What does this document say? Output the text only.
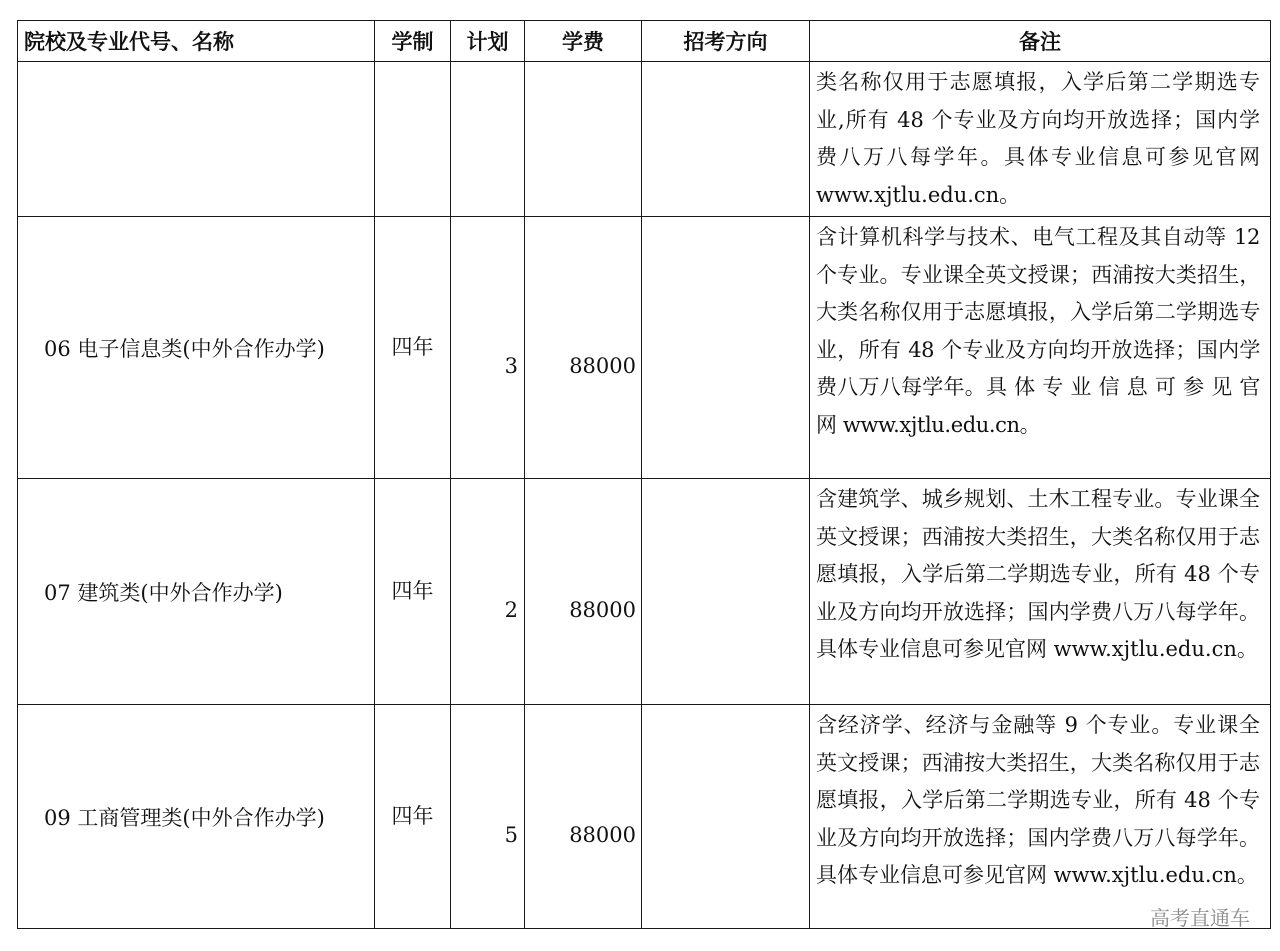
院校及专业代号、名称	学制	计划	学费	招考方向	备注
					类名称仅用于志愿填报，入学后第二学期选专业,所有 48 个专业及方向均开放选择；国内学费八万八每学年。具体专业信息可参见官网 www.xjtlu.edu.cn。
06 电子信息类(中外合作办学)	四年	3	88000		含计算机科学与技术、电气工程及其自动等 12 个专业。专业课全英文授课；西浦按大类招生，大类名称仅用于志愿填报，入学后第二学期选专业，所有 48 个专业及方向均开放选择；国内学费八万八每学年。具 体 专 业 信 息 可 参 见 官 网 www.xjtlu.edu.cn。
07 建筑类(中外合作办学)	四年	2	88000		含建筑学、城乡规划、土木工程专业。专业课全英文授课；西浦按大类招生，大类名称仅用于志愿填报，入学后第二学期选专业，所有 48 个专业及方向均开放选择；国内学费八万八每学年。具体专业信息可参见官网 www.xjtlu.edu.cn。
09 工商管理类(中外合作办学)	四年	5	88000		含经济学、经济与金融等 9 个专业。专业课全英文授课；西浦按大类招生，大类名称仅用于志愿填报，入学后第二学期选专业，所有 48 个专业及方向均开放选择；国内学费八万八每学年。具体专业信息可参见官网 www.xjtlu.edu.cn。
高考直通车
